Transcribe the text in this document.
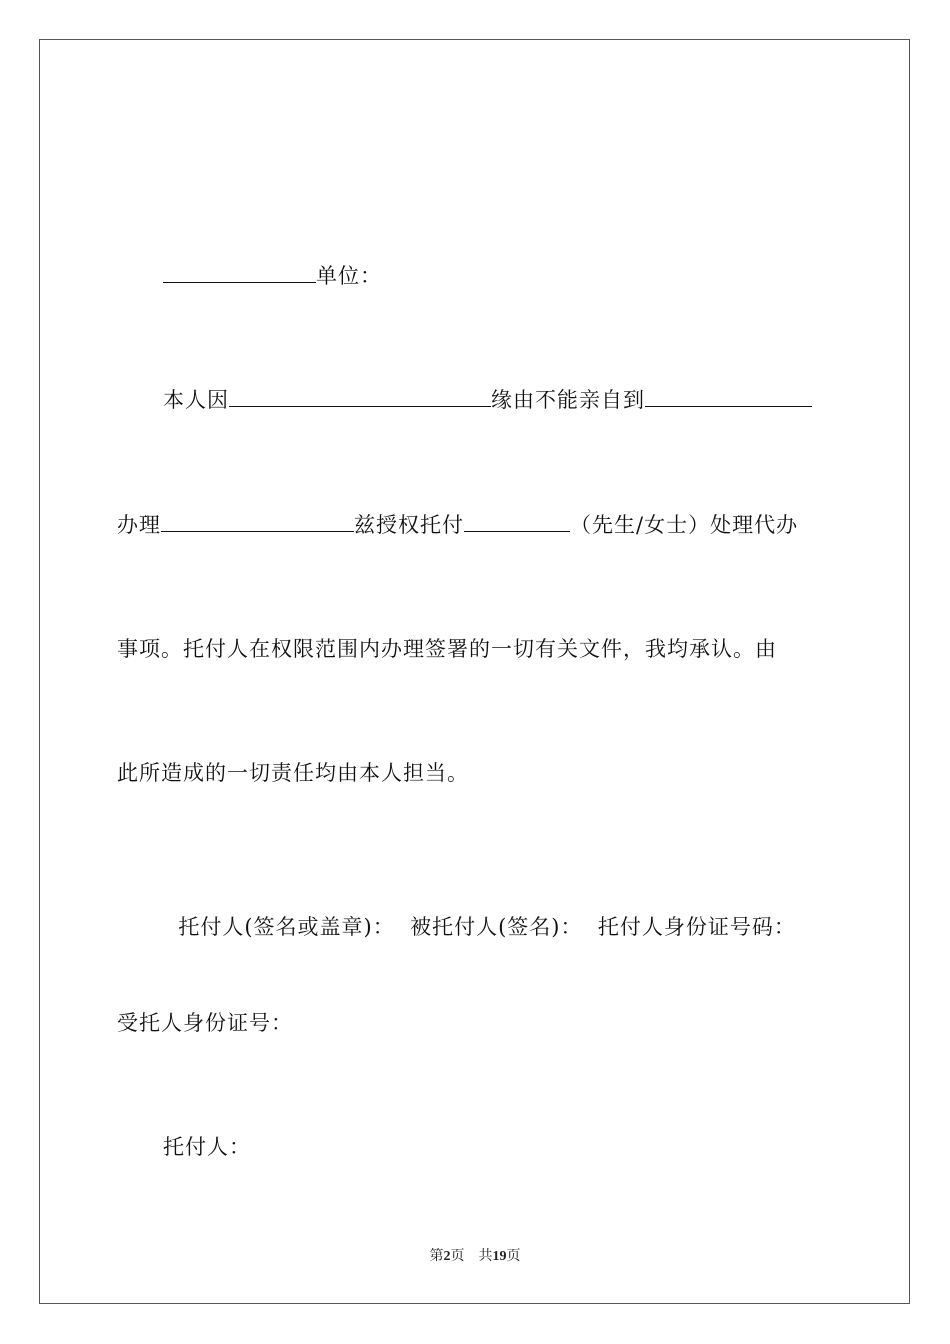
单位：
本人因	缘由不能亲自到
办理	兹授权托付	（先生/女士）处理代办
事项。托付人在权限范围内办理签署的一切有关文件，我均承认。由
此所造成的一切责任均由本人担当。

托付人(签名或盖章)：  被托付人(签名)：  托付人身份证号码：

受托人身份证号：
托付人：
第2页 共19页
